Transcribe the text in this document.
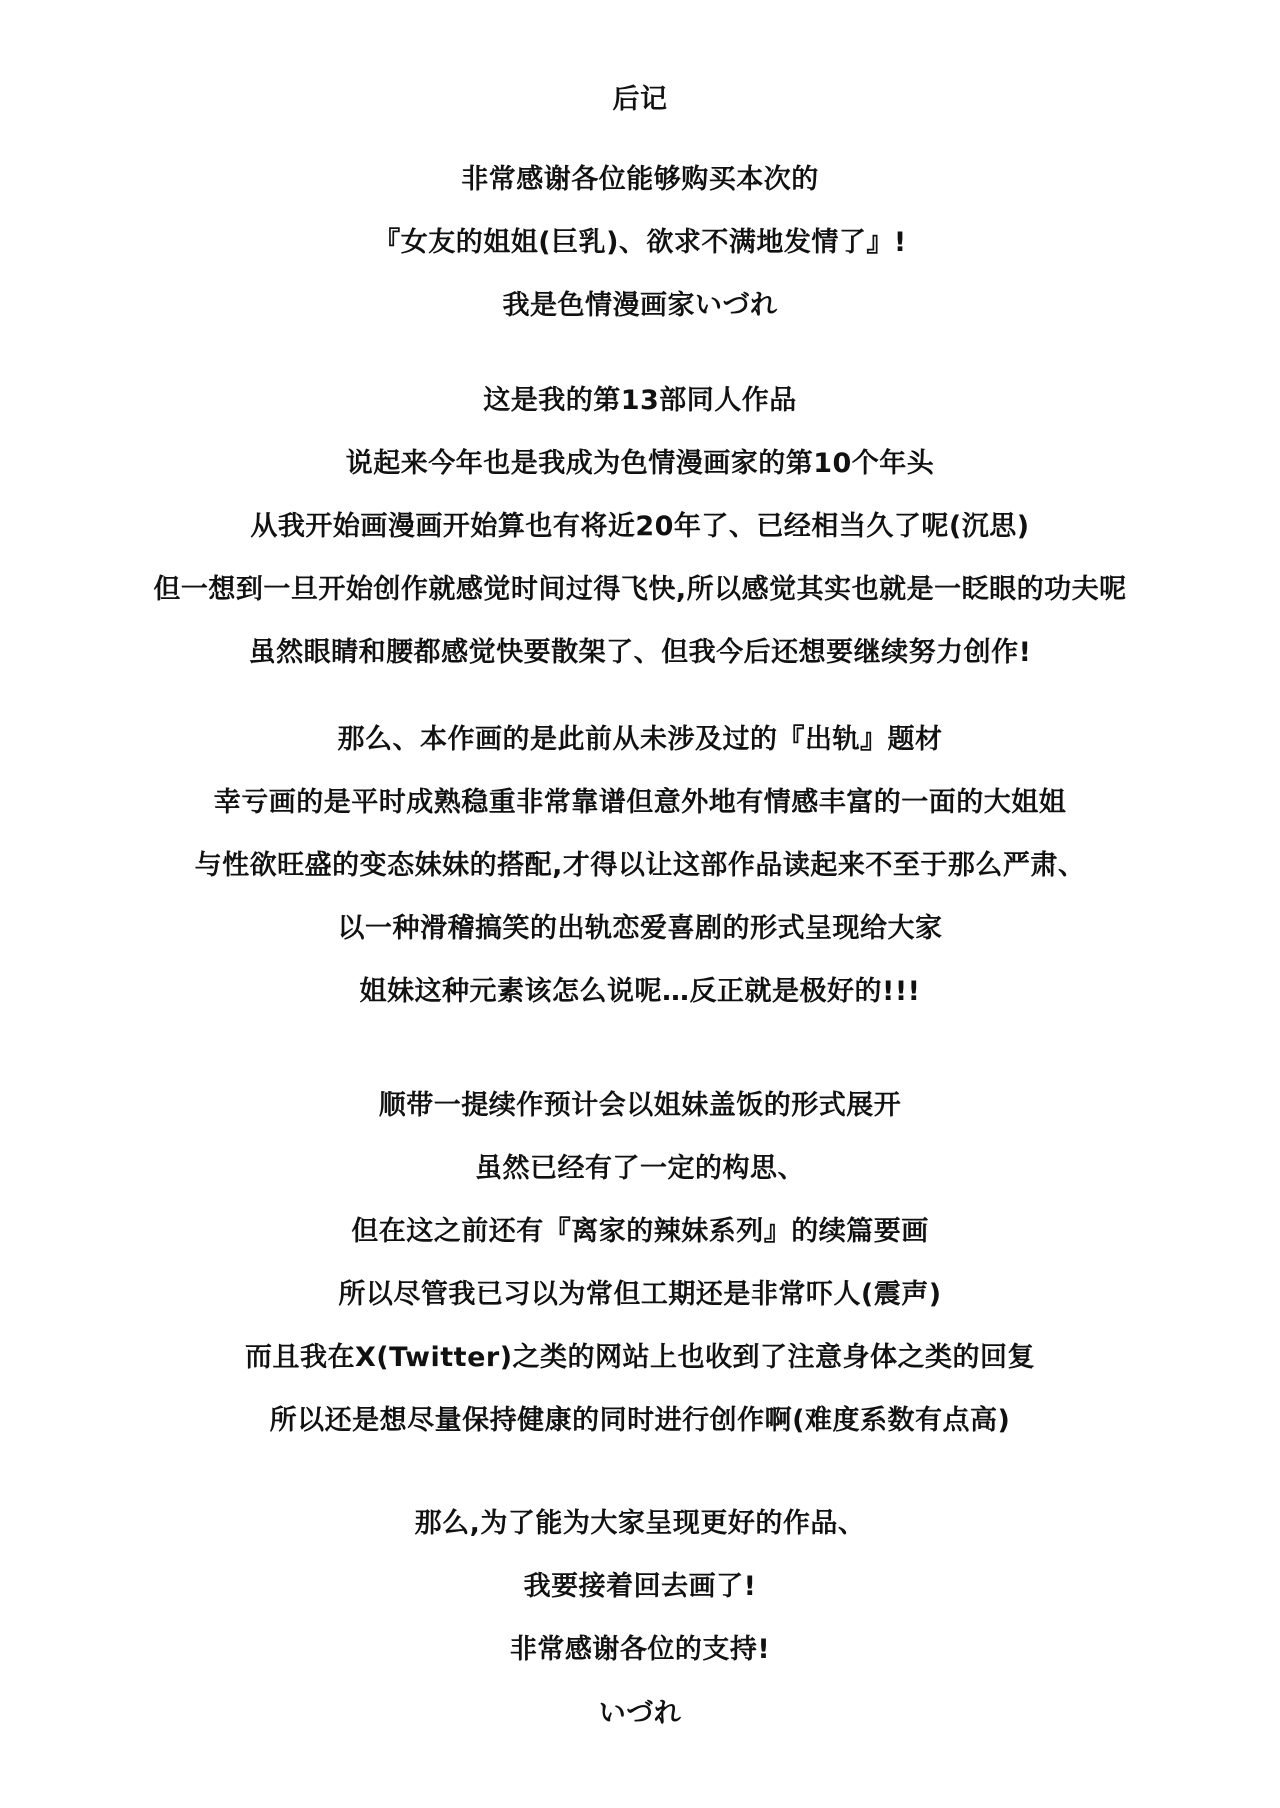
后记
非常感谢各位能够购买本次的
『女友的姐姐(巨乳)、欲求不满地发情了』!
我是色情漫画家いづれ
这是我的第13部同人作品
说起来今年也是我成为色情漫画家的第10个年头
从我开始画漫画开始算也有将近20年了、已经相当久了呢(沉思)
但一想到一旦开始创作就感觉时间过得飞快,所以感觉其实也就是一眨眼的功夫呢
虽然眼睛和腰都感觉快要散架了、但我今后还想要继续努力创作!
那么、本作画的是此前从未涉及过的『出轨』题材
幸亏画的是平时成熟稳重非常靠谱但意外地有情感丰富的一面的大姐姐
与性欲旺盛的变态妹妹的搭配,才得以让这部作品读起来不至于那么严肃、
以一种滑稽搞笑的出轨恋爱喜剧的形式呈现给大家
姐妹这种元素该怎么说呢…反正就是极好的!!!
顺带一提续作预计会以姐妹盖饭的形式展开
虽然已经有了一定的构思、
但在这之前还有『离家的辣妹系列』的续篇要画
所以尽管我已习以为常但工期还是非常吓人(震声)
而且我在X(Twitter)之类的网站上也收到了注意身体之类的回复
所以还是想尽量保持健康的同时进行创作啊(难度系数有点高)
那么,为了能为大家呈现更好的作品、
我要接着回去画了!
非常感谢各位的支持!
いづれ
